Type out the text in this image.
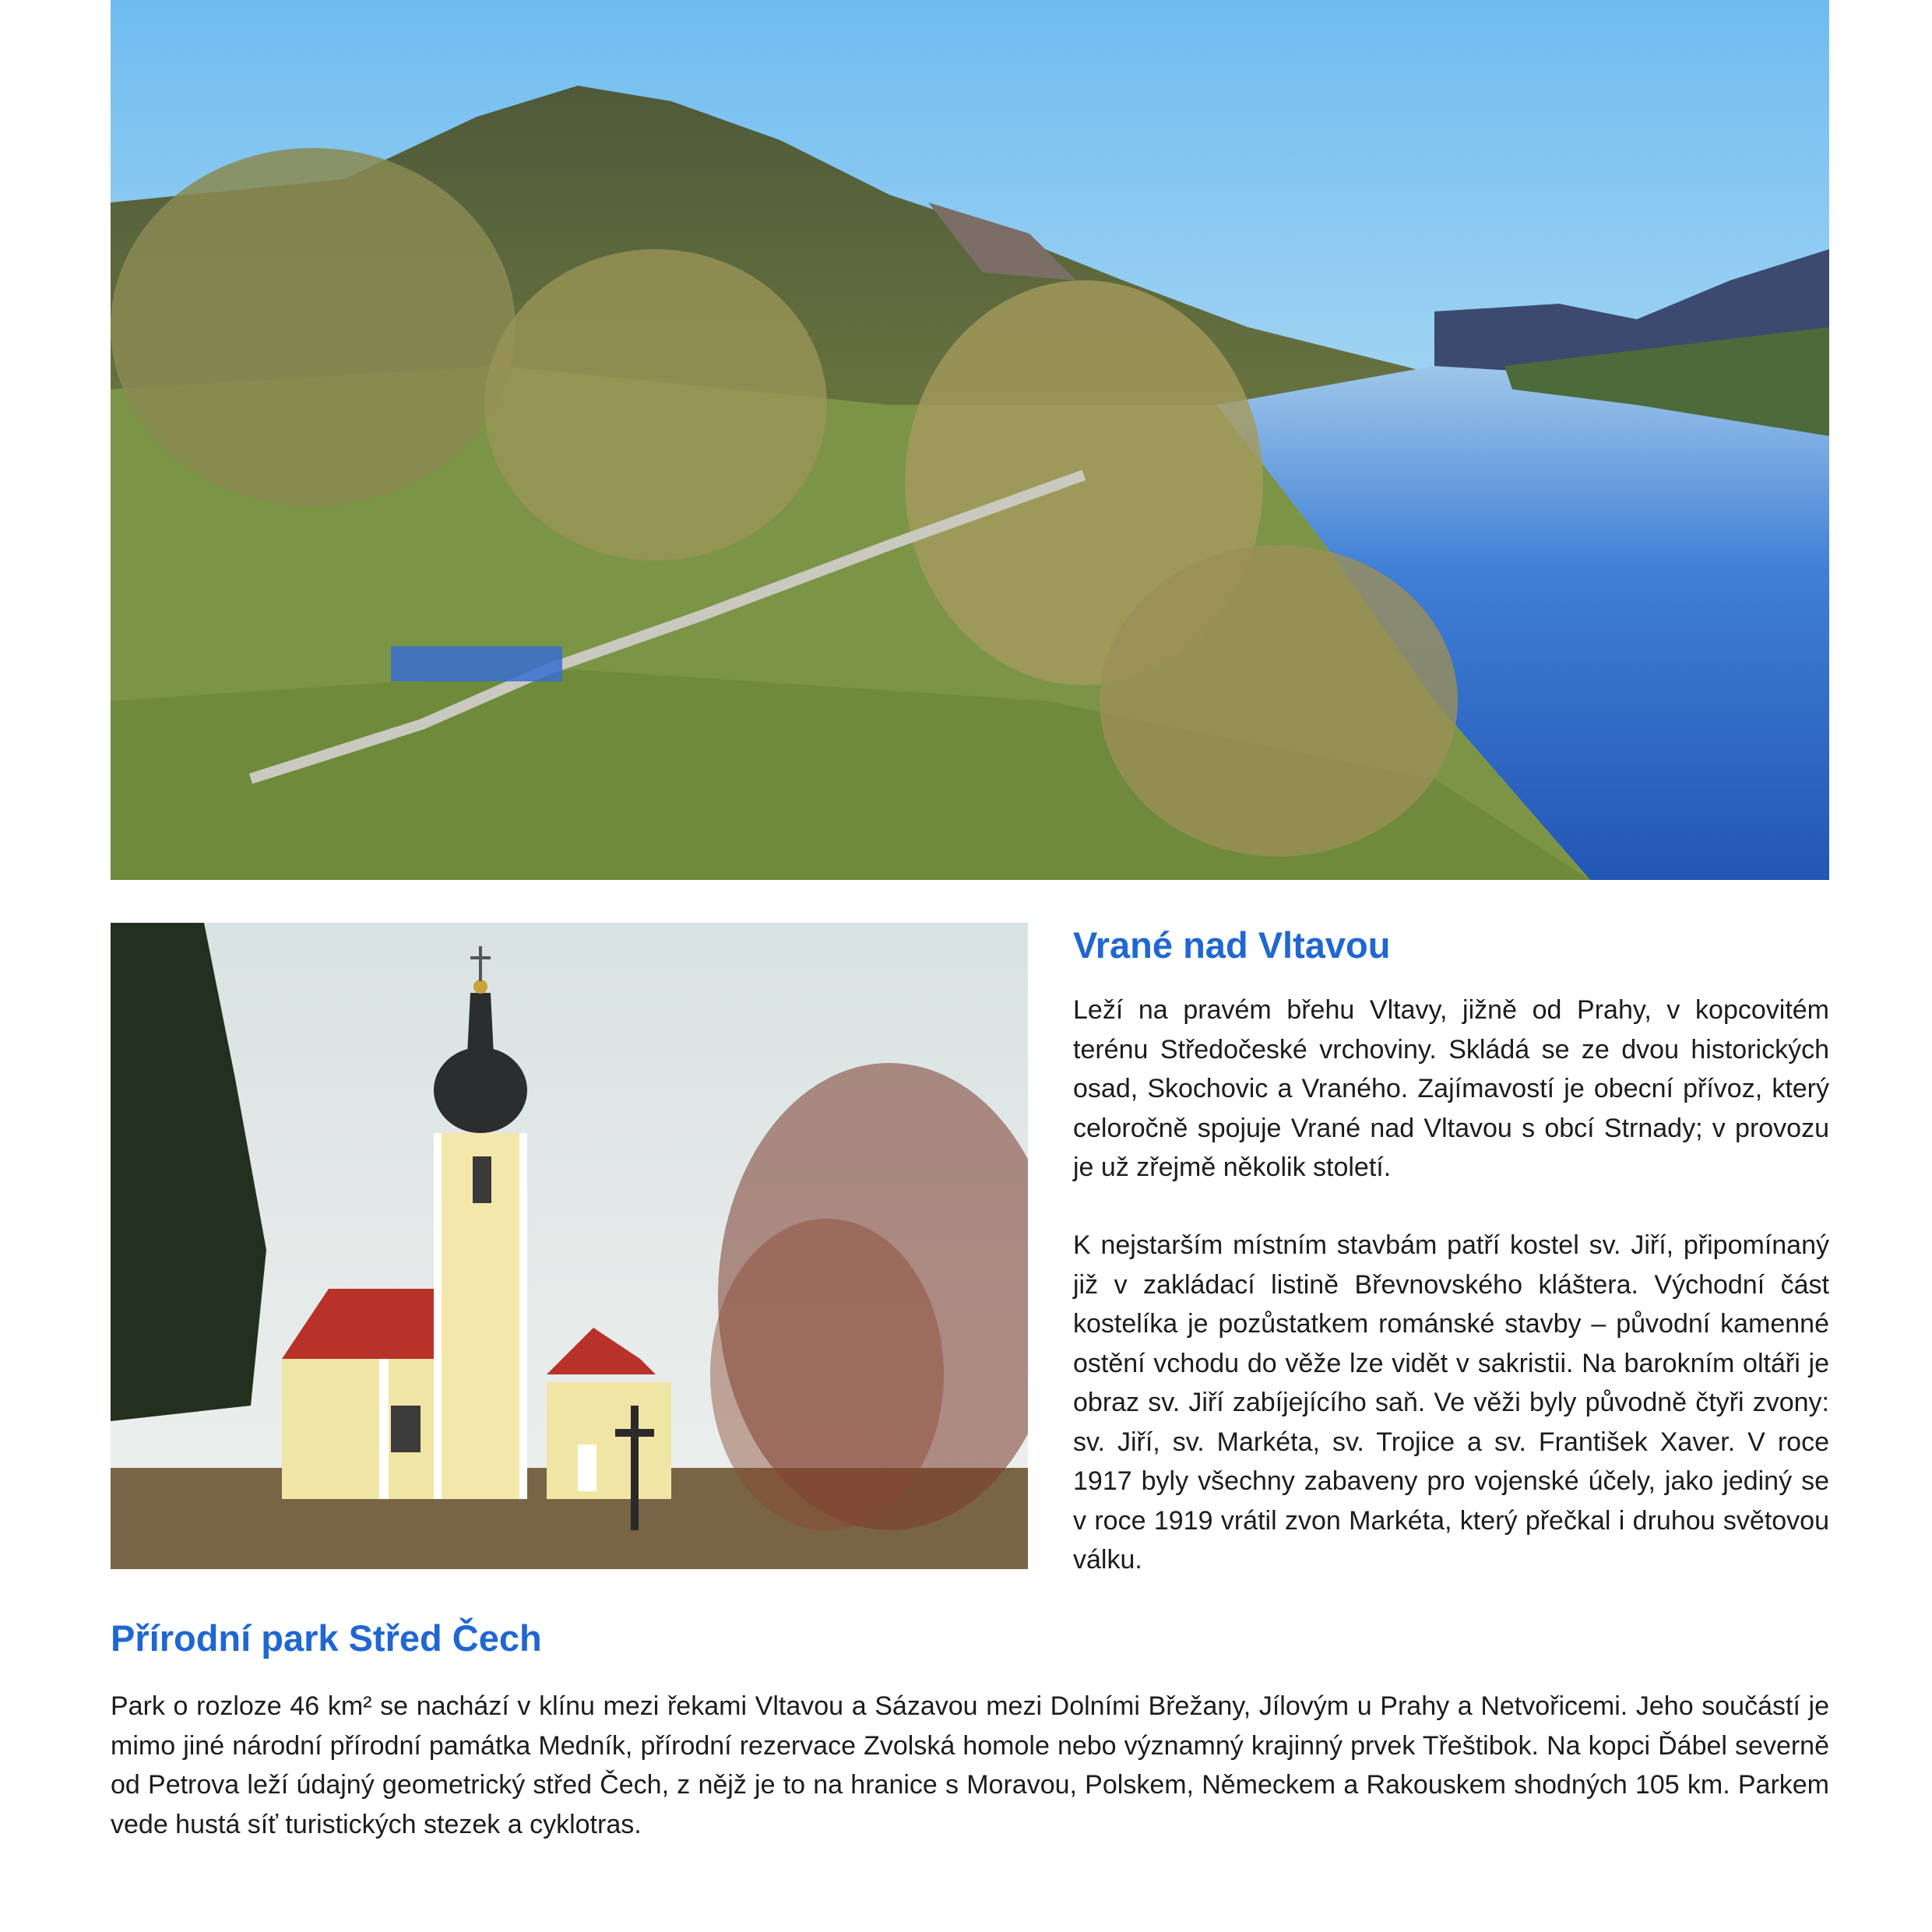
Vrané nad Vltavou

Leží na pravém břehu Vltavy, jižně od Prahy, v kopcovitém terénu Středočeské vrchoviny. Skládá se ze dvou historických osad, Skochovic a Vraného. Zajímavostí je obecní přívoz, který celoročně spojuje Vrané nad Vltavou s obcí Strnady; v provozu je už zřejmě několik století.

K nejstarším místním stavbám patří kostel sv. Jiří, připomínaný již v zakládací listině Břevnovského kláštera. Východní část kostelíka je pozůstatkem románské stavby – původní kamenné ostění vchodu do věže lze vidět v sakristii. Na barokním oltáři je obraz sv. Jiří zabíjejícího saň. Ve věži byly původně čtyři zvony: sv. Jiří, sv. Markéta, sv. Trojice a sv. František Xaver. V roce 1917 byly všechny zabaveny pro vojenské účely, jako jediný se v roce 1919 vrátil zvon Markéta, který přečkal i druhou světovou válku.

Přírodní park Střed Čech

Park o rozloze 46 km² se nachází v klínu mezi řekami Vltavou a Sázavou mezi Dolními Břežany, Jílovým u Prahy a Netvořicemi. Jeho součástí je mimo jiné národní přírodní památka Medník, přírodní rezervace Zvolská homole nebo významný krajinný prvek Třeštibok. Na kopci Ďábel severně od Petrova leží údajný geometrický střed Čech, z nějž je to na hranice s Moravou, Polskem, Německem a Rakouskem shodných 105 km. Parkem vede hustá síť turistických stezek a cyklotras.
